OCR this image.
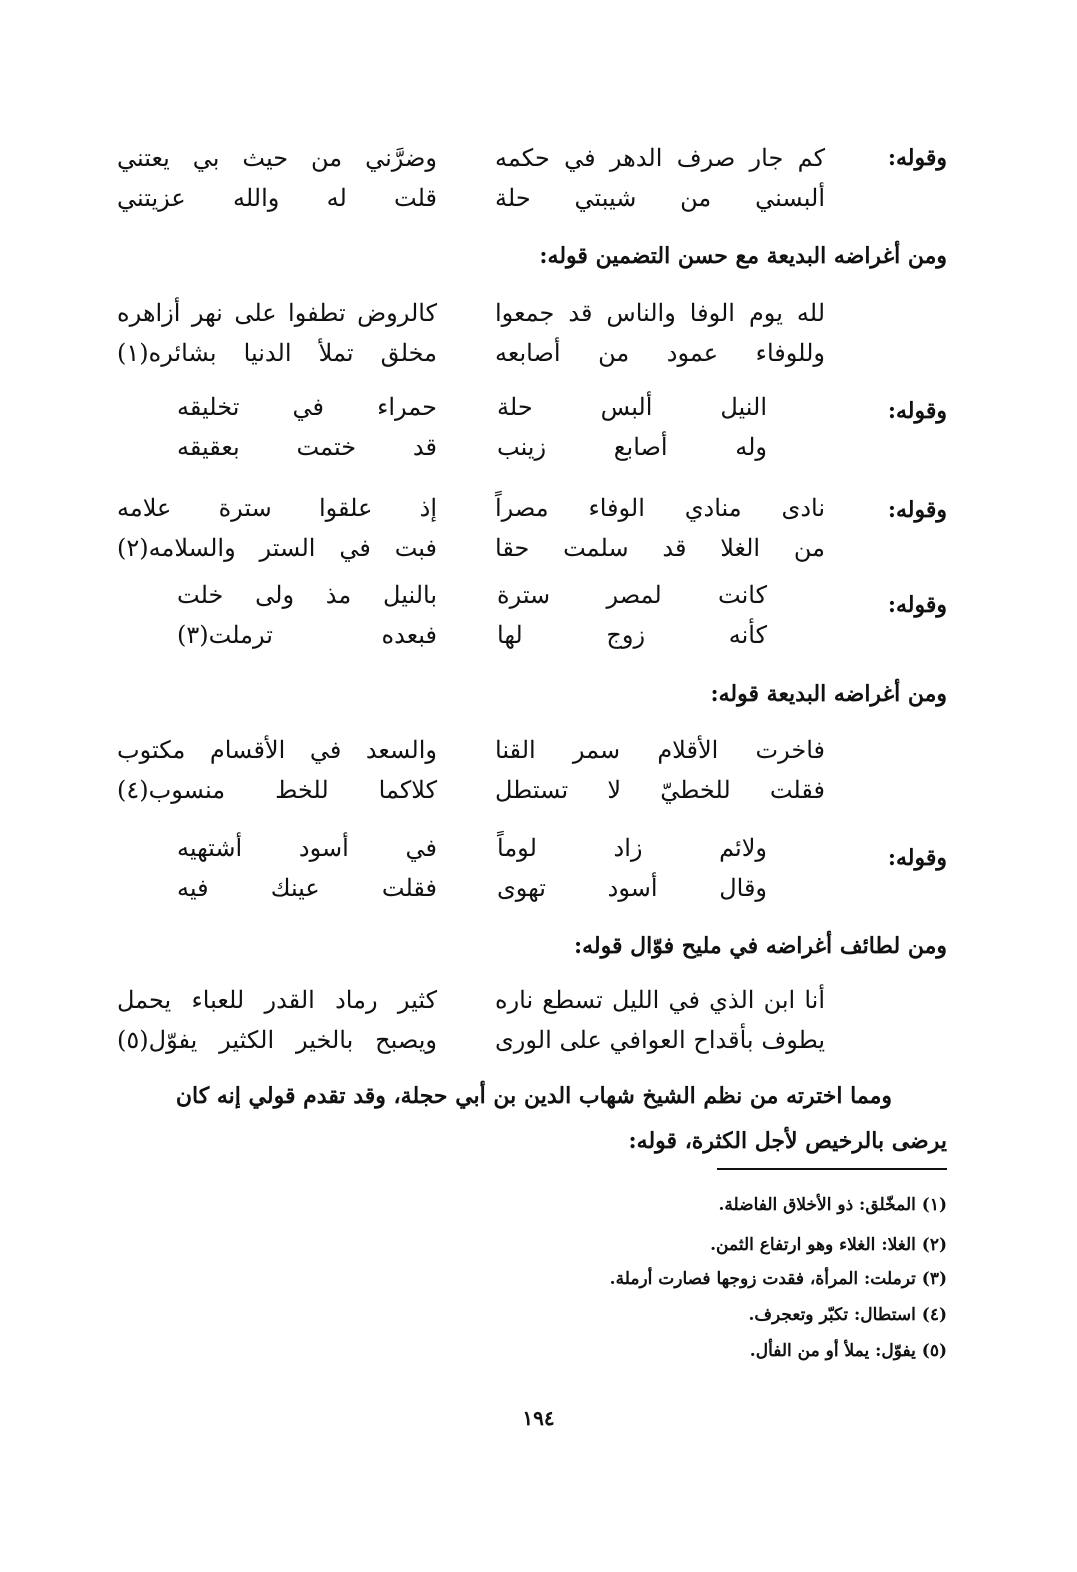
وقوله:
كم جار صرف الدهر في حكمه
وضرَّني من حيث بي يعتني
ألبسني من شيبتي حلة
قلت له والله عزيتني
ومن أغراضه البديعة مع حسن التضمين قوله:
لله يوم الوفا والناس قد جمعوا
كالروض تطفوا على نهر أزاهره
وللوفاء عمود من أصابعه
مخلق تملأ الدنيا بشائره(١)
وقوله:
النيل ألبس حلة
حمراء في تخليقه
وله أصابع زينب
قد ختمت بعقيقه
وقوله:
نادى منادي الوفاء مصراً
إذ علقوا سترة علامه
من الغلا قد سلمت حقا
فبت في الستر والسلامه(٢)
وقوله:
كانت لمصر سترة
بالنيل مذ ولى خلت
كأنه زوج لها
فبعده ترملت(٣)
ومن أغراضه البديعة قوله:
فاخرت الأقلام سمر القنا
والسعد في الأقسام مكتوب
فقلت للخطيّ لا تستطل
كلاكما للخط منسوب(٤)
وقوله:
ولائم زاد لوماً
في أسود أشتهيه
وقال أسود تهوى
فقلت عينك فيه
ومن لطائف أغراضه في مليح فوّال قوله:
أنا ابن الذي في الليل تسطع ناره
كثير رماد القدر للعباء يحمل
يطوف بأقداح العوافي على الورى
ويصبح بالخير الكثير يفوّل(٥)
ومما اخترته من نظم الشيخ شهاب الدين بن أبي حجلة، وقد تقدم قولي إنه كان
يرضى بالرخيص لأجل الكثرة، قوله:
(١) المخّلق: ذو الأخلاق الفاضلة.
(٢) الغلا: الغلاء وهو ارتفاع الثمن.
(٣) ترملت: المرأة، فقدت زوجها فصارت أرملة.
(٤) استطال: تكبّر وتعجرف.
(٥) يفوّل: يملأ أو من الفأل.
١٩٤
